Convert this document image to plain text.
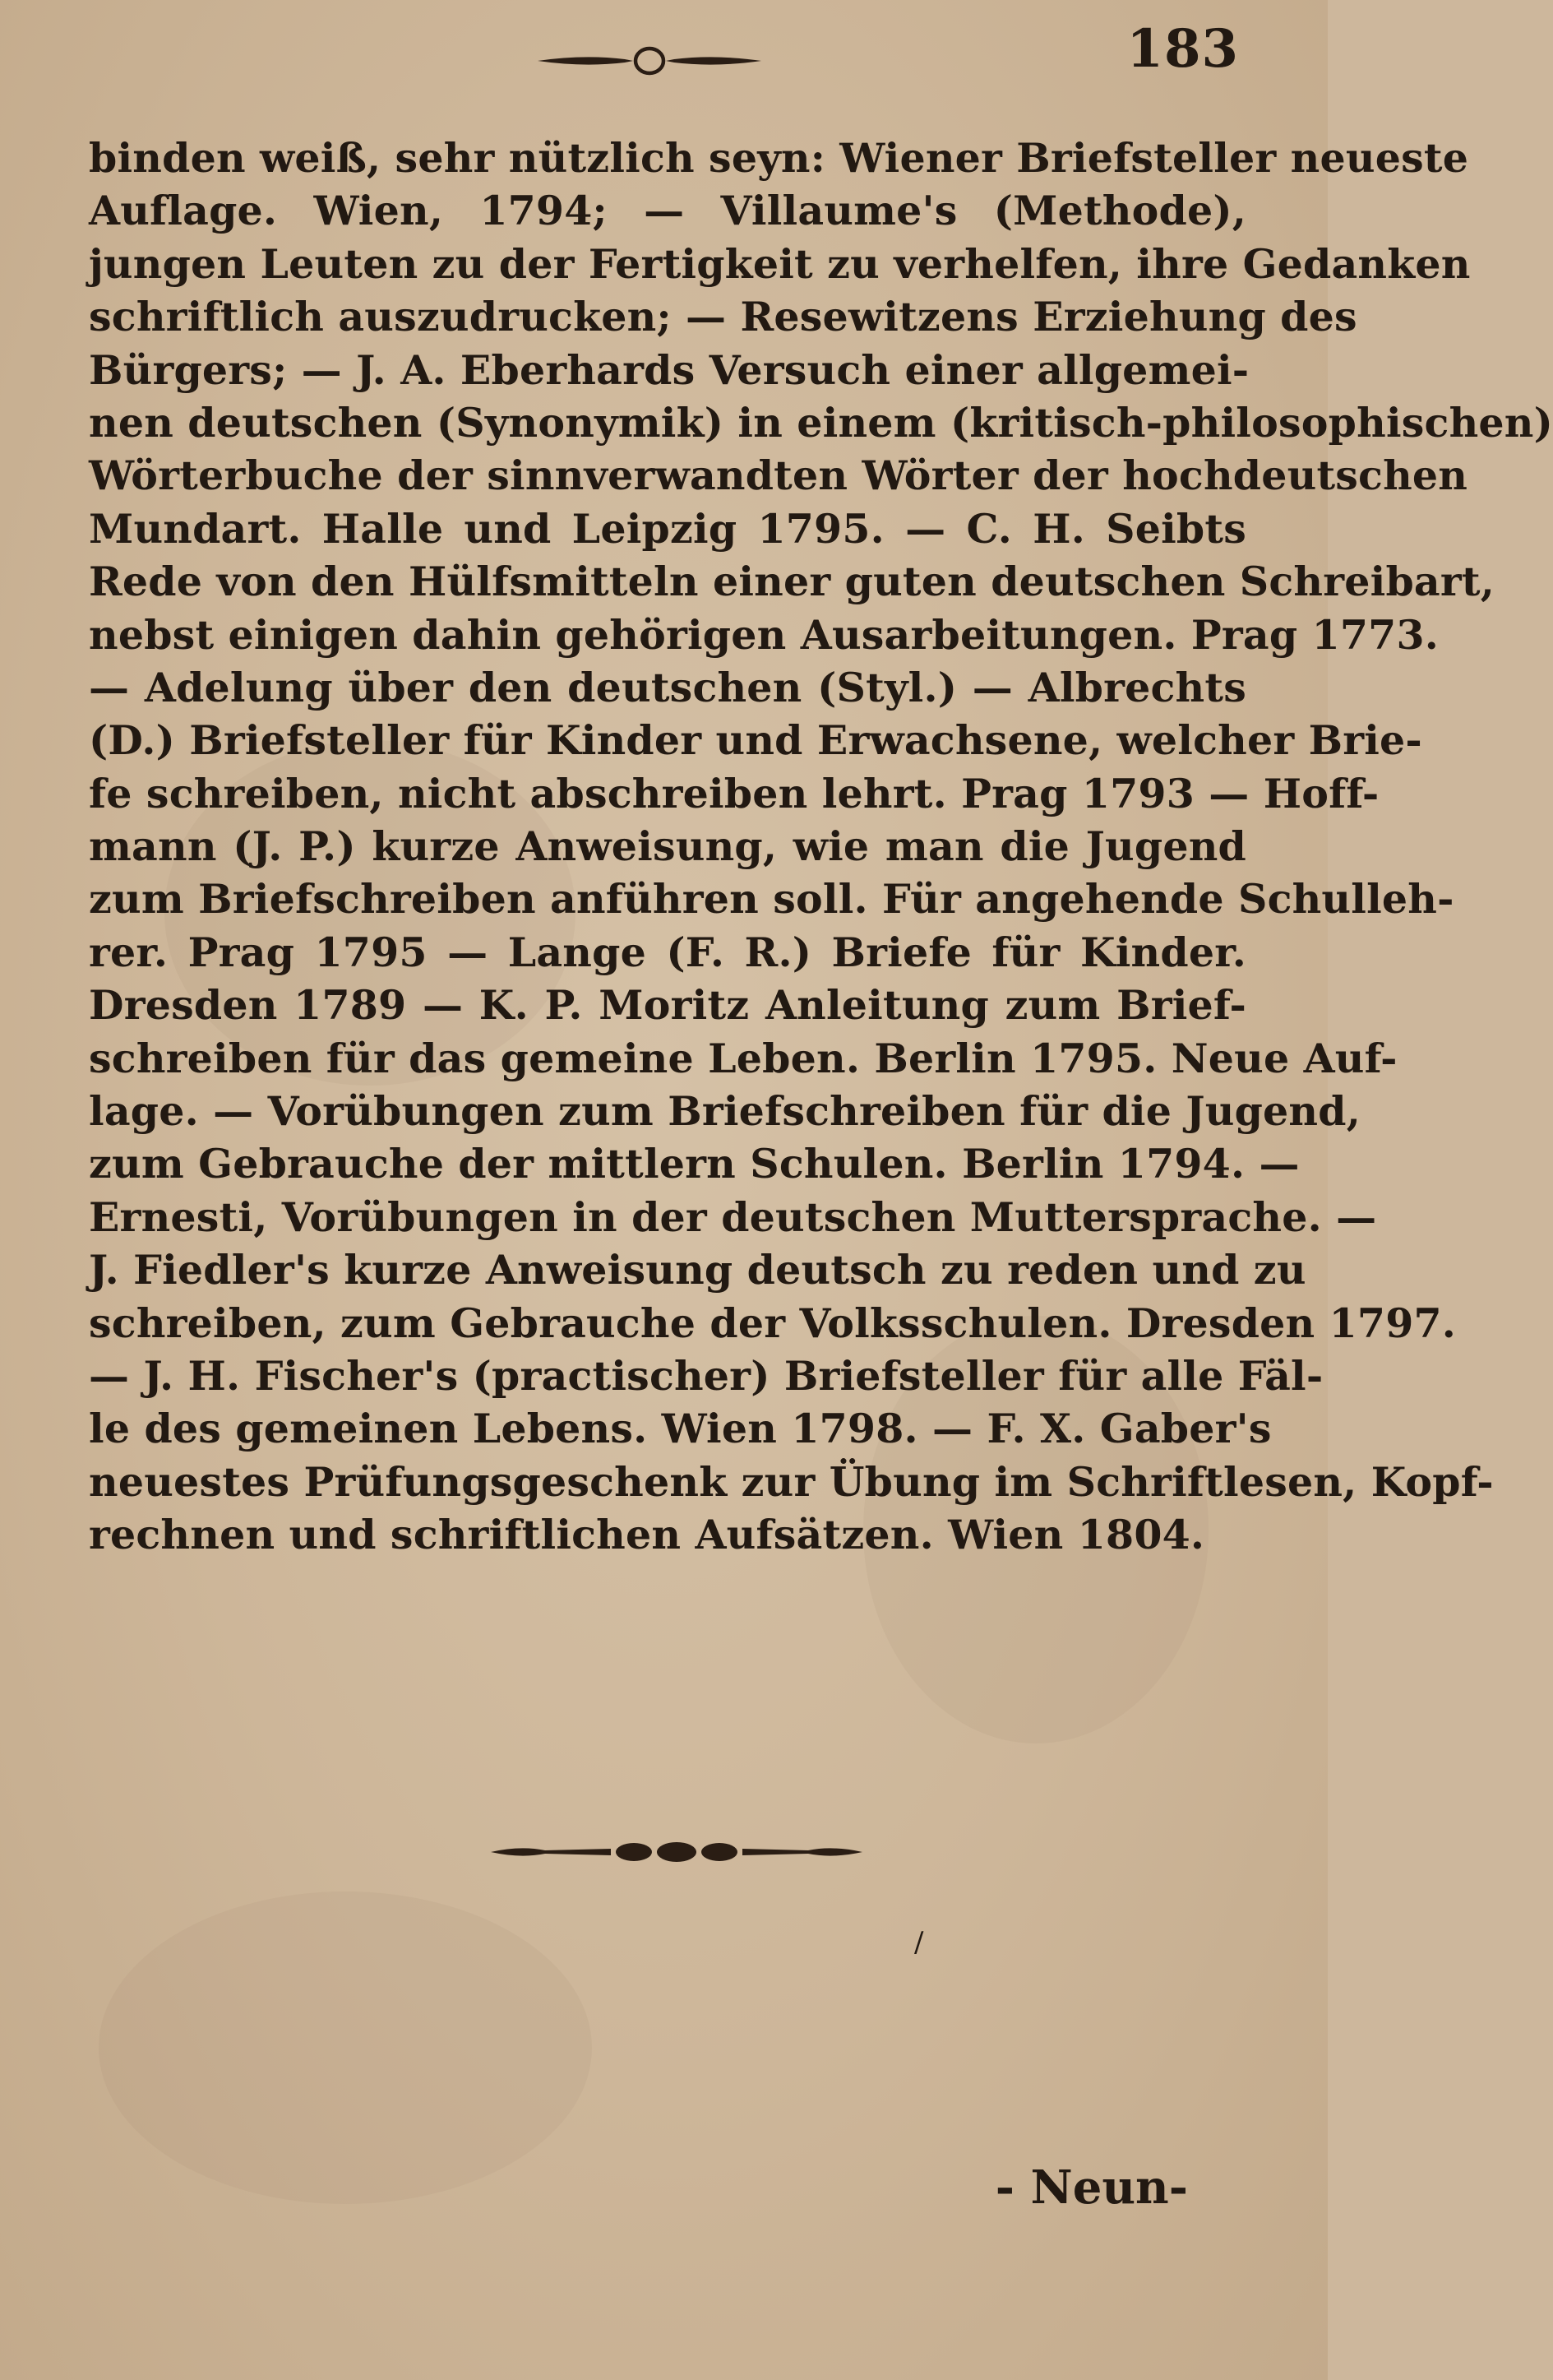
183
binden weiß, sehr nützlich seyn: Wiener Briefsteller neueste
Auflage. Wien, 1794; — Villaume's (Methode),
jungen Leuten zu der Fertigkeit zu verhelfen, ihre Gedanken
schriftlich auszudrucken; — Resewitzens Erziehung des
Bürgers; — J. A. Eberhards Versuch einer allgemei-
nen deutschen (Synonymik) in einem (kritisch-philosophischen)
Wörterbuche der sinnverwandten Wörter der hochdeutschen
Mundart. Halle und Leipzig 1795. — C. H. Seibts
Rede von den Hülfsmitteln einer guten deutschen Schreibart,
nebst einigen dahin gehörigen Ausarbeitungen. Prag 1773.
— Adelung über den deutschen (Styl.) — Albrechts
(D.) Briefsteller für Kinder und Erwachsene, welcher Brie-
fe schreiben, nicht abschreiben lehrt. Prag 1793 — Hoff-
mann (J. P.) kurze Anweisung, wie man die Jugend
zum Briefschreiben anführen soll. Für angehende Schulleh-
rer. Prag 1795 — Lange (F. R.) Briefe für Kinder.
Dresden 1789 — K. P. Moritz Anleitung zum Brief-
schreiben für das gemeine Leben. Berlin 1795. Neue Auf-
lage. — Vorübungen zum Briefschreiben für die Jugend,
zum Gebrauche der mittlern Schulen. Berlin 1794. —
Ernesti, Vorübungen in der deutschen Muttersprache. —
J. Fiedler's kurze Anweisung deutsch zu reden und zu
schreiben, zum Gebrauche der Volksschulen. Dresden 1797.
— J. H. Fischer's (practischer) Briefsteller für alle Fäl-
le des gemeinen Lebens. Wien 1798. — F. X. Gaber's
neuestes Prüfungsgeschenk zur Übung im Schriftlesen, Kopf-
rechnen und schriftlichen Aufsätzen. Wien 1804.
/
- Neun-
